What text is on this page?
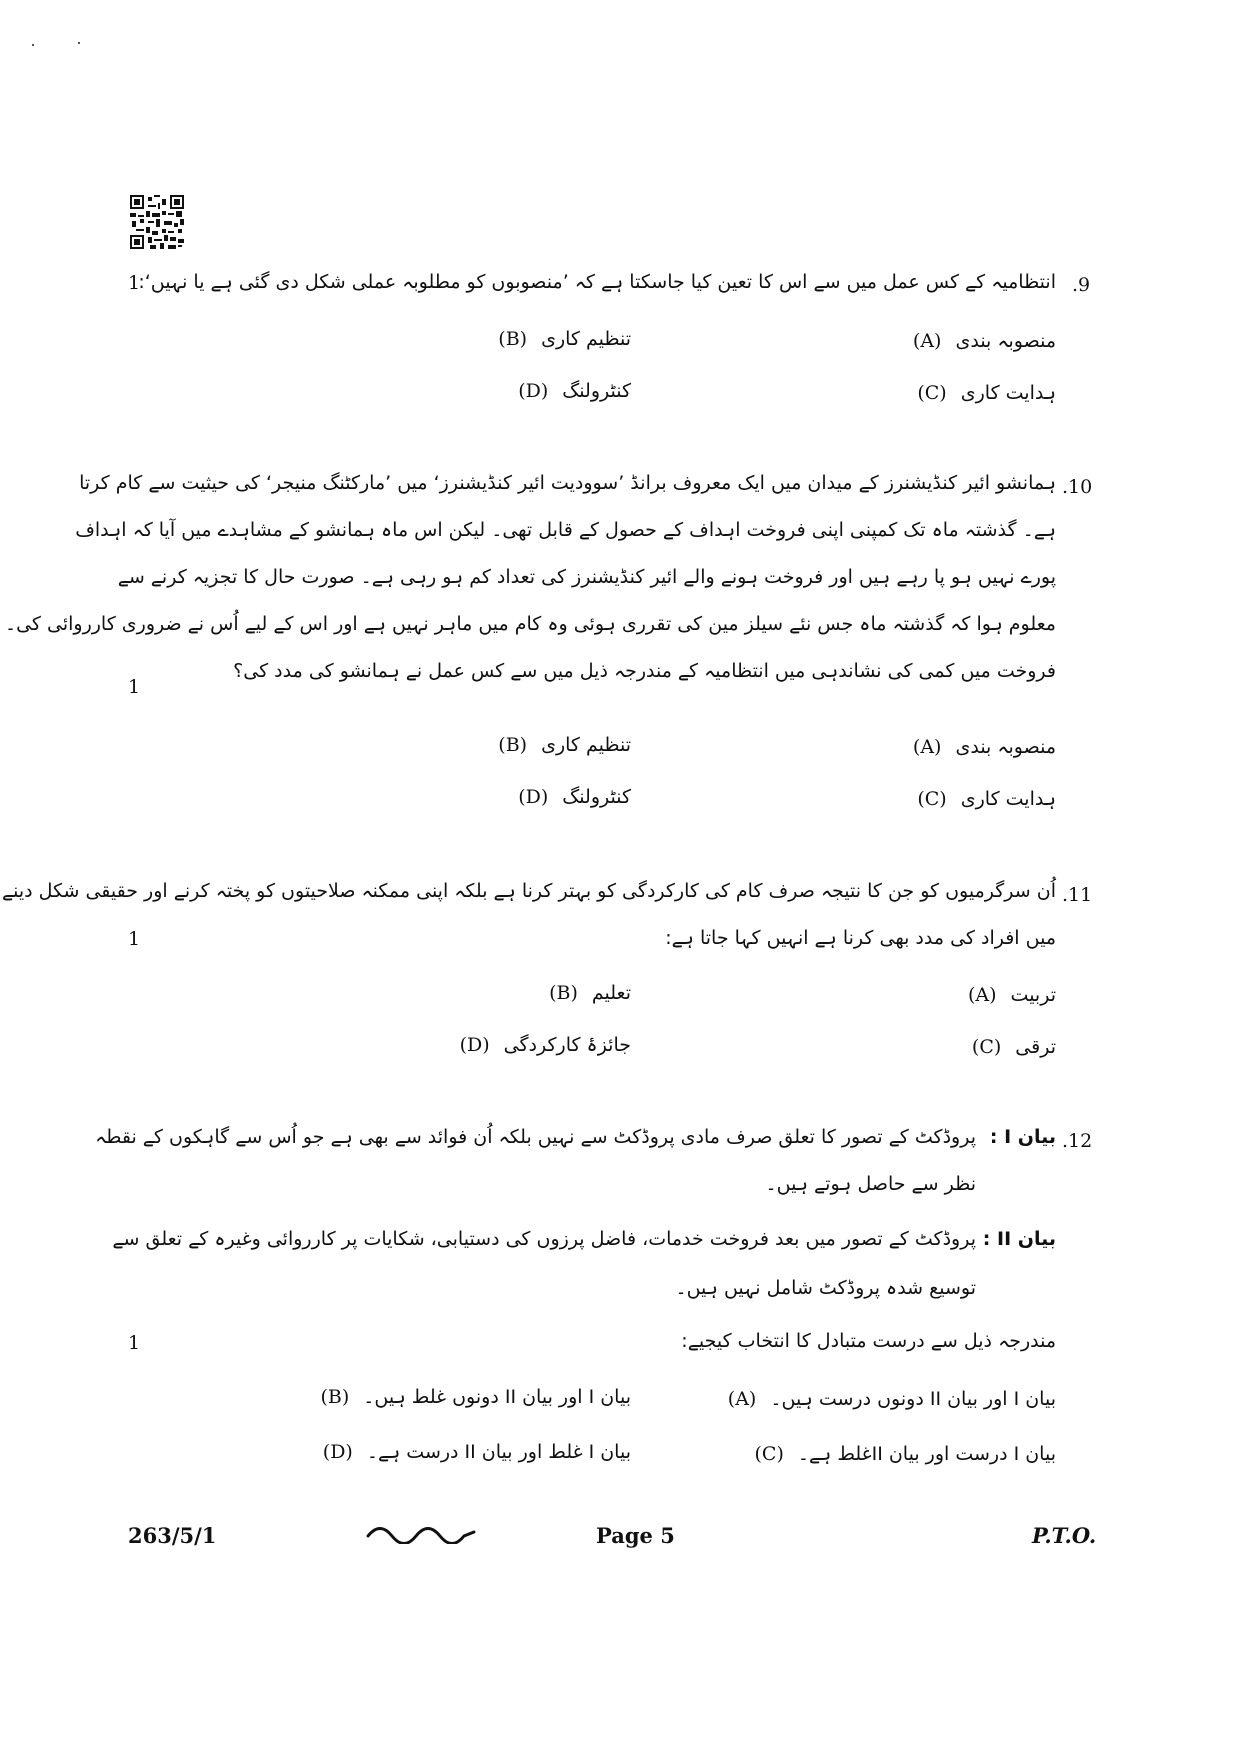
.9
انتظامیہ کے کس عمل میں سے اس کا تعین کیا جاسکتا ہے کہ ’منصوبوں کو مطلوبہ عملی شکل دی گئی ہے یا نہیں‘:
1
(A) منصوبہ بندی
(B) تنظیم کاری
(C) ہدایت کاری
(D) کنٹرولنگ
.10
ہمانشو ائیر کنڈیشنرز کے میدان میں ایک معروف برانڈ ’سوودیت ائیر کنڈیشنرز‘ میں ’مارکٹنگ منیجر‘ کی حیثیت سے کام کرتا
ہے۔ گذشتہ ماہ تک کمپنی اپنی فروخت اہداف کے حصول کے قابل تھی۔ لیکن اس ماہ ہمانشو کے مشاہدے میں آیا کہ اہداف
پورے نہیں ہو پا رہے ہیں اور فروخت ہونے والے ائیر کنڈیشنرز کی تعداد کم ہو رہی ہے۔ صورت حال کا تجزیہ کرنے سے
معلوم ہوا کہ گذشتہ ماہ جس نئے سیلز مین کی تقرری ہوئی وہ کام میں ماہر نہیں ہے اور اس کے لیے اُس نے ضروری کارروائی کی۔
فروخت میں کمی کی نشاندہی میں انتظامیہ کے مندرجہ ذیل میں سے کس عمل نے ہمانشو کی مدد کی؟
1
(A) منصوبہ بندی
(B) تنظیم کاری
(C) ہدایت کاری
(D) کنٹرولنگ
.11
اُن سرگرمیوں کو جن کا نتیجہ صرف کام کی کارکردگی کو بہتر کرنا ہے بلکہ اپنی ممکنہ صلاحیتوں کو پختہ کرنے اور حقیقی شکل دینے
میں افراد کی مدد بھی کرنا ہے انہیں کہا جاتا ہے:
1
(A) تربیت
(B) تعلیم
(C) ترقی
(D) جائزۂ کارکردگی
.12
بیان I :
پروڈکٹ کے تصور کا تعلق صرف مادی پروڈکٹ سے نہیں بلکہ اُن فوائد سے بھی ہے جو اُس سے گاہکوں کے نقطہ
نظر سے حاصل ہوتے ہیں۔
بیان II :
پروڈکٹ کے تصور میں بعد فروخت خدمات، فاضل پرزوں کی دستیابی، شکایات پر کارروائی وغیرہ کے تعلق سے
توسیع شدہ پروڈکٹ شامل نہیں ہیں۔
مندرجہ ذیل سے درست متبادل کا انتخاب کیجیے:
1
(A) بیان I اور بیان II دونوں درست ہیں۔
(B) بیان I اور بیان II دونوں غلط ہیں۔
(C) بیان I درست اور بیان IIغلط ہے۔
(D) بیان I غلط اور بیان II درست ہے۔
263/5/1	Page 5	P.T.O.
